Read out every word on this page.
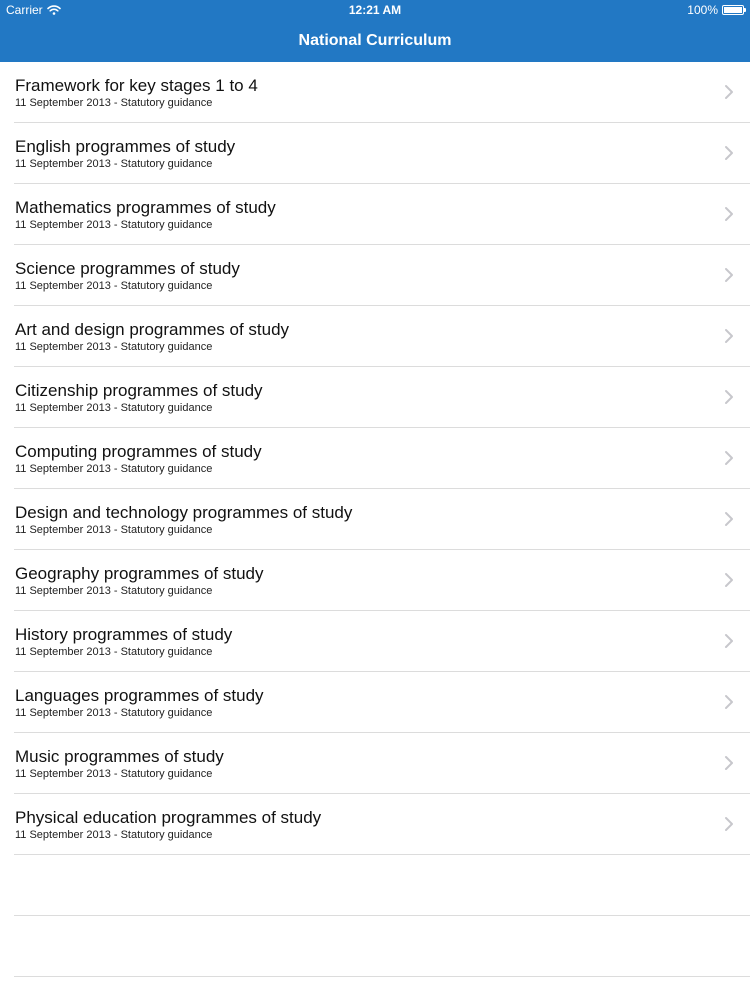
Carrier	12:21 AM	100%
National Curriculum
Framework for key stages 1 to 4
11 September 2013 - Statutory guidance
English programmes of study
11 September 2013 - Statutory guidance
Mathematics programmes of study
11 September 2013 - Statutory guidance
Science programmes of study
11 September 2013 - Statutory guidance
Art and design programmes of study
11 September 2013 - Statutory guidance
Citizenship programmes of study
11 September 2013 - Statutory guidance
Computing programmes of study
11 September 2013 - Statutory guidance
Design and technology programmes of study
11 September 2013 - Statutory guidance
Geography programmes of study
11 September 2013 - Statutory guidance
History programmes of study
11 September 2013 - Statutory guidance
Languages programmes of study
11 September 2013 - Statutory guidance
Music programmes of study
11 September 2013 - Statutory guidance
Physical education programmes of study
11 September 2013 - Statutory guidance
